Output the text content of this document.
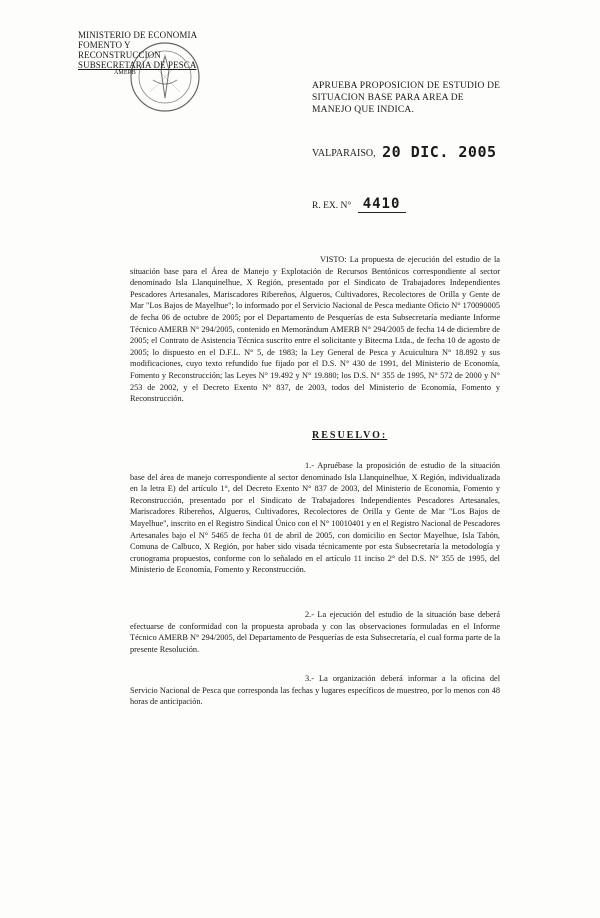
MINISTERIO DE ECONOMIA
FOMENTO Y RECONSTRUCCION
SUBSECRETARIA DE PESCA
AMERB
APRUEBA PROPOSICION DE ESTUDIO DE SITUACION BASE PARA AREA DE MANEJO QUE INDICA.
VALPARAISO, 20 DIC. 2005
R. EX. N° 4410
VISTO: La propuesta de ejecución del estudio de la situación base para el Área de Manejo y Explotación de Recursos Bentónicos correspondiente al sector denominado Isla Llanquinelhue, X Región, presentado por el Sindicato de Trabajadores Independientes Pescadores Artesanales, Mariscadores Ribereños, Algueros, Cultivadores, Recolectores de Orilla y Gente de Mar "Los Bajos de Mayelhue"; lo informado por el Servicio Nacional de Pesca mediante Oficio N° 170090005 de fecha 06 de octubre de 2005; por el Departamento de Pesquerías de esta Subsecretaría mediante Informe Técnico AMERB N° 294/2005, contenido en Memorándum AMERB N° 294/2005 de fecha 14 de diciembre de 2005; el Contrato de Asistencia Técnica suscrito entre el solicitante y Bitecma Ltda., de fecha 10 de agosto de 2005; lo dispuesto en el D.F.L. N° 5, de 1983; la Ley General de Pesca y Acuicultura N° 18.892 y sus modificaciones, cuyo texto refundido fue fijado por el D.S. N° 430 de 1991, del Ministerio de Economía, Fomento y Reconstrucción; las Leyes N° 19.492 y N° 19.880; los D.S. N° 355 de 1995, N° 572 de 2000 y N° 253 de 2002, y el Decreto Exento N° 837, de 2003, todos del Ministerio de Economía, Fomento y Reconstrucción.
RESUELVO:
1.- Apruébase la proposición de estudio de la situación base del área de manejo correspondiente al sector denominado Isla Llanquinelhue, X Región, individualizada en la letra E) del artículo 1°, del Decreto Exento N° 837 de 2003, del Ministerio de Economía, Fomento y Reconstrucción, presentado por el Sindicato de Trabajadores Independientes Pescadores Artesanales, Mariscadores Ribereños, Algueros, Cultivadores, Recolectores de Orilla y Gente de Mar "Los Bajos de Mayelhue", inscrito en el Registro Sindical Único con el N° 10010401 y en el Registro Nacional de Pescadores Artesanales bajo el N° 5465 de fecha 01 de abril de 2005, con domicilio en Sector Mayelhue, Isla Tabón, Comuna de Calbuco, X Región, por haber sido visada técnicamente por esta Subsecretaría la metodología y cronograma propuestos, conforme con lo señalado en el artículo 11 inciso 2° del D.S. N° 355 de 1995, del Ministerio de Economía, Fomento y Reconstrucción.
2.- La ejecución del estudio de la situación base deberá efectuarse de conformidad con la propuesta aprobada y con las observaciones formuladas en el Informe Técnico AMERB N° 294/2005, del Departamento de Pesquerías de esta Subsecretaría, el cual forma parte de la presente Resolución.
3.- La organización deberá informar a la oficina del Servicio Nacional de Pesca que corresponda las fechas y lugares específicos de muestreo, por lo menos con 48 horas de anticipación.
